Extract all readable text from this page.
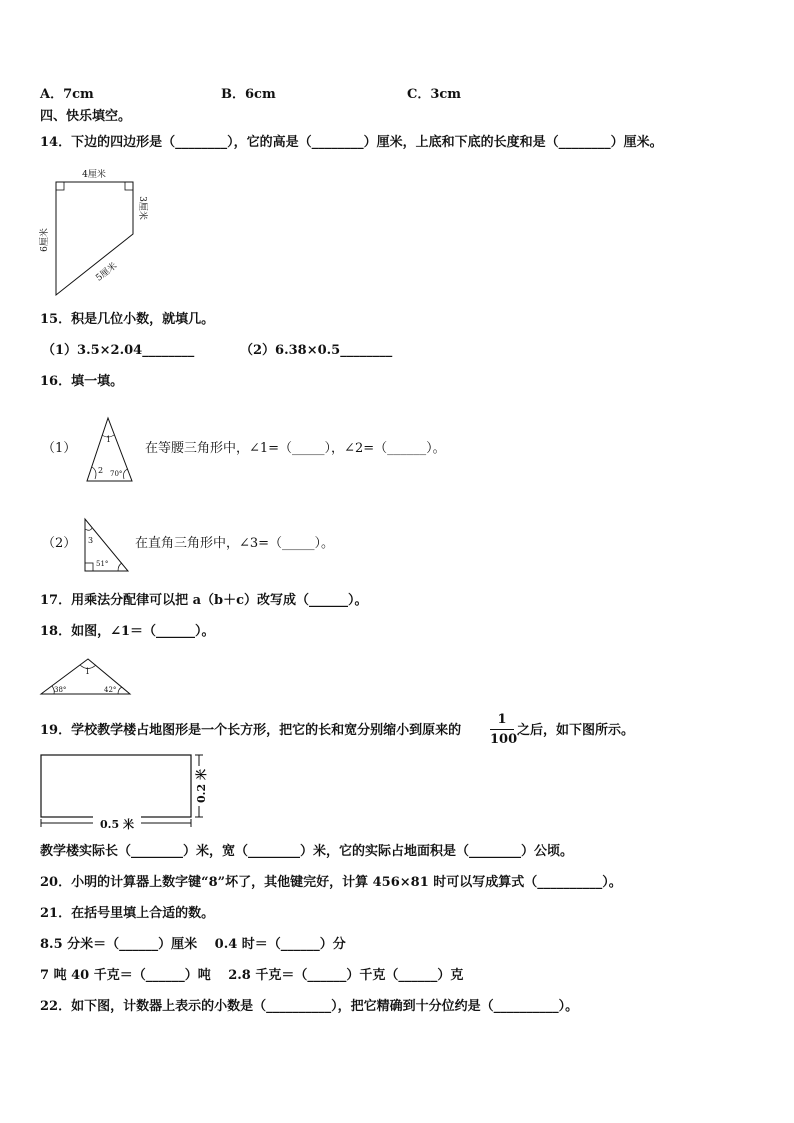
A．7cm	B．6cm	C．3cm
四、快乐填空。
14．下边的四边形是（________），它的高是（________）厘米，上底和下底的长度和是（________）厘米。
4厘米
3厘米
6厘米
5厘米
15．积是几位小数，就填几。
（1）3.5×2.04________	（2）6.38×0.5________
16．填一填。
（1）
1
2 70°
在等腰三角形中，∠1=（_____），∠2=（______）。
（2） 3
51°
在直角三角形中，∠3=（_____）。
17．用乘法分配律可以把 a（b＋c）改写成（______）。
18．如图，∠1＝（______）。
1
38°	42°
19．学校教学楼占地图形是一个长方形，把它的长和宽分别缩小到原来的
1
100
之后，如下图所示。
0.5 米
0.2 米
教学楼实际长（________）米，宽（________）米，它的实际占地面积是（________）公顷。
20．小明的计算器上数字键“8”坏了，其他键完好，计算 456×81 时可以写成算式（__________）。
21．在括号里填上合适的数。
8.5 分米＝（______）厘米　 0.4 时＝（______）分
7 吨 40 千克＝（______）吨　 2.8 千克＝（______）千克（______）克
22．如下图，计数器上表示的小数是（__________），把它精确到十分位约是（__________）。
